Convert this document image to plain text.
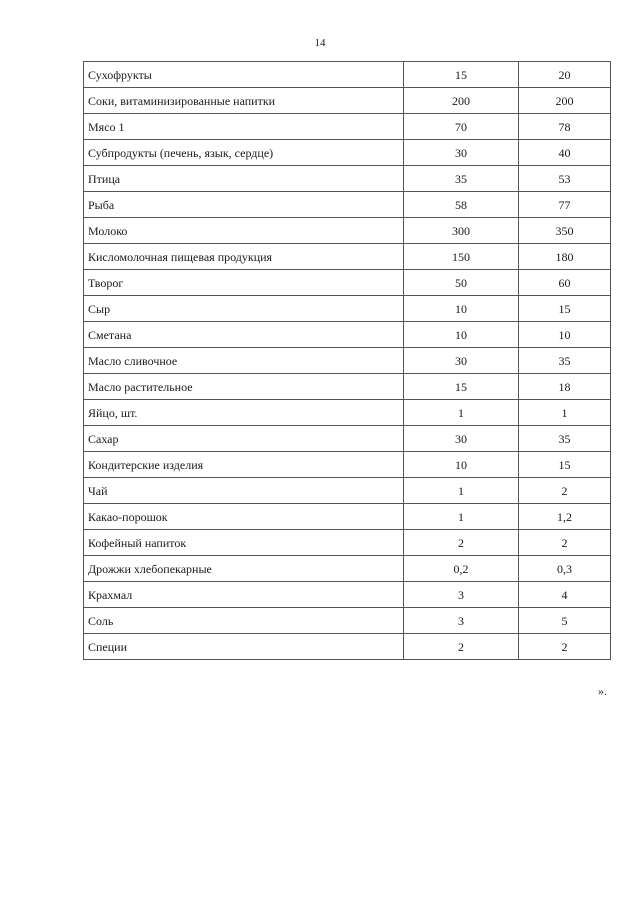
14
Сухофрукты	15	20
Соки, витаминизированные напитки	200	200
Мясо 1	70	78
Субпродукты (печень, язык, сердце)	30	40
Птица	35	53
Рыба	58	77
Молоко	300	350
Кисломолочная пищевая продукция	150	180
Творог	50	60
Сыр	10	15
Сметана	10	10
Масло сливочное	30	35
Масло растительное	15	18
Яйцо, шт.	1	1
Сахар	30	35
Кондитерские изделия	10	15
Чай	1	2
Какао-порошок	1	1,2
Кофейный напиток	2	2
Дрожжи хлебопекарные	0,2	0,3
Крахмал	3	4
Соль	3	5
Специи	2	2
».
